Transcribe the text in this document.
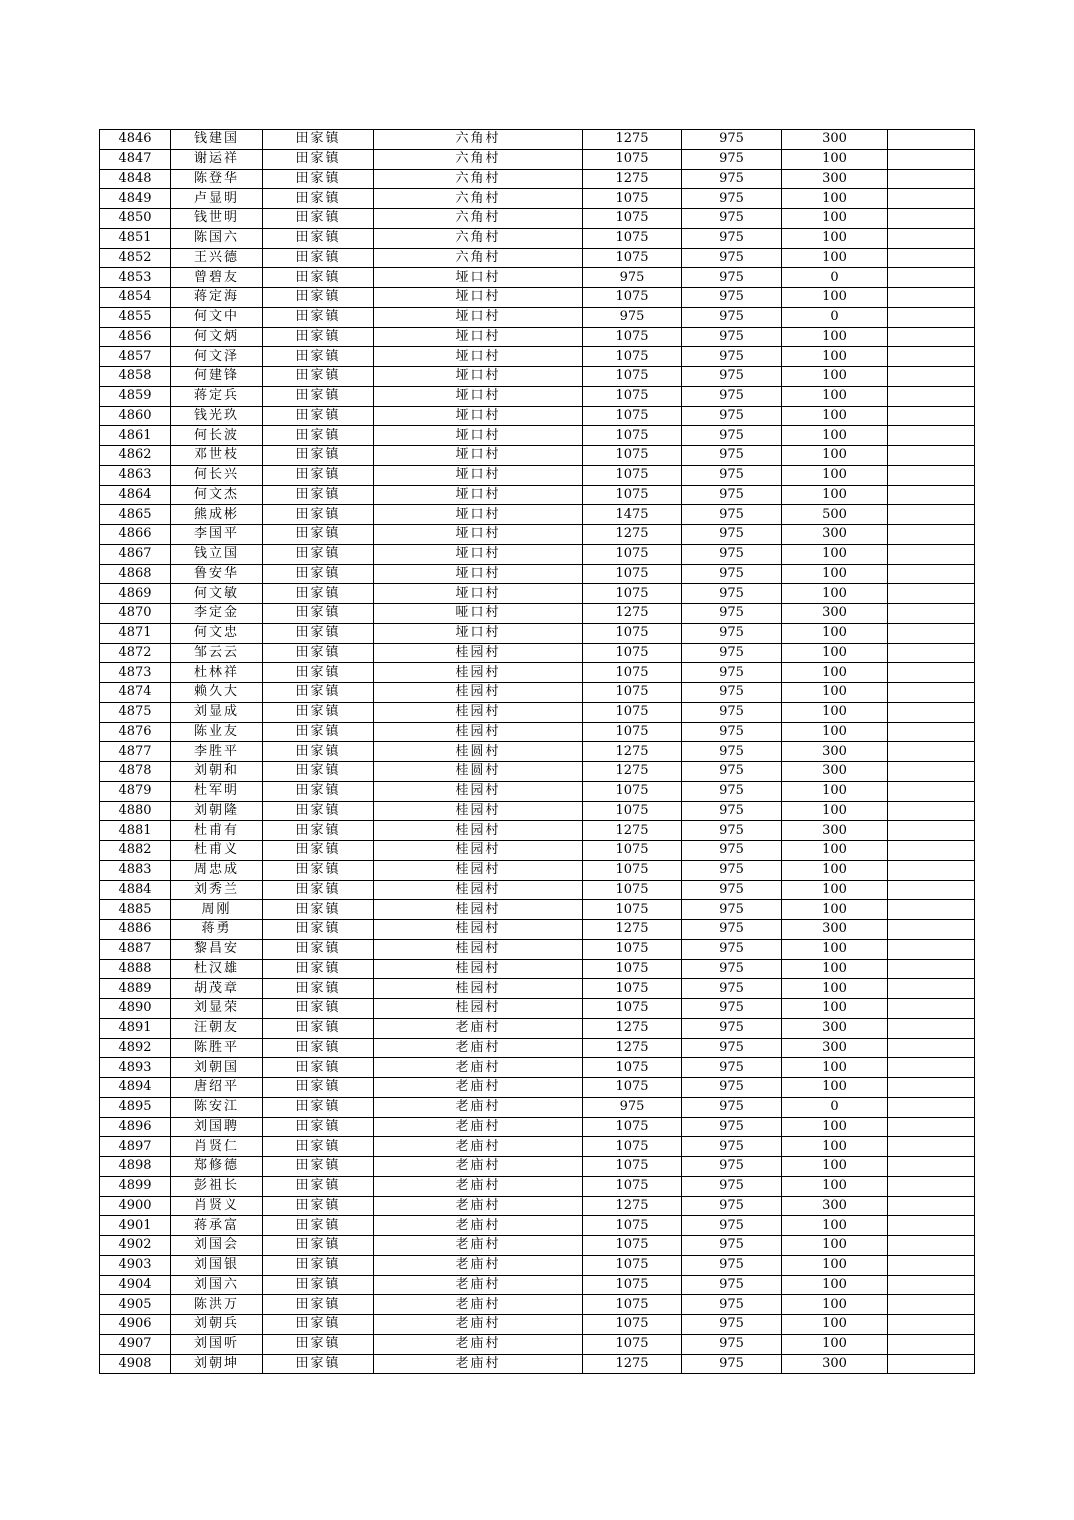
4846	钱建国	田家镇	六角村	1275	975	300	
4847	谢运祥	田家镇	六角村	1075	975	100	
4848	陈登华	田家镇	六角村	1275	975	300	
4849	卢显明	田家镇	六角村	1075	975	100	
4850	钱世明	田家镇	六角村	1075	975	100	
4851	陈国六	田家镇	六角村	1075	975	100	
4852	王兴德	田家镇	六角村	1075	975	100	
4853	曾碧友	田家镇	垭口村	975	975	0	
4854	蒋定海	田家镇	垭口村	1075	975	100	
4855	何文中	田家镇	垭口村	975	975	0	
4856	何文炳	田家镇	垭口村	1075	975	100	
4857	何文泽	田家镇	垭口村	1075	975	100	
4858	何建锋	田家镇	垭口村	1075	975	100	
4859	蒋定兵	田家镇	垭口村	1075	975	100	
4860	钱光玖	田家镇	垭口村	1075	975	100	
4861	何长波	田家镇	垭口村	1075	975	100	
4862	邓世枝	田家镇	垭口村	1075	975	100	
4863	何长兴	田家镇	垭口村	1075	975	100	
4864	何文杰	田家镇	垭口村	1075	975	100	
4865	熊成彬	田家镇	垭口村	1475	975	500	
4866	李国平	田家镇	垭口村	1275	975	300	
4867	钱立国	田家镇	垭口村	1075	975	100	
4868	鲁安华	田家镇	垭口村	1075	975	100	
4869	何文敏	田家镇	垭口村	1075	975	100	
4870	李定金	田家镇	哑口村	1275	975	300	
4871	何文忠	田家镇	垭口村	1075	975	100	
4872	邹云云	田家镇	桂园村	1075	975	100	
4873	杜林祥	田家镇	桂园村	1075	975	100	
4874	赖久大	田家镇	桂园村	1075	975	100	
4875	刘显成	田家镇	桂园村	1075	975	100	
4876	陈业友	田家镇	桂园村	1075	975	100	
4877	李胜平	田家镇	桂圆村	1275	975	300	
4878	刘朝和	田家镇	桂圆村	1275	975	300	
4879	杜军明	田家镇	桂园村	1075	975	100	
4880	刘朝隆	田家镇	桂园村	1075	975	100	
4881	杜甫有	田家镇	桂园村	1275	975	300	
4882	杜甫义	田家镇	桂园村	1075	975	100	
4883	周忠成	田家镇	桂园村	1075	975	100	
4884	刘秀兰	田家镇	桂园村	1075	975	100	
4885	周刚	田家镇	桂园村	1075	975	100	
4886	蒋勇	田家镇	桂园村	1275	975	300	
4887	黎昌安	田家镇	桂园村	1075	975	100	
4888	杜汉雄	田家镇	桂园村	1075	975	100	
4889	胡茂章	田家镇	桂园村	1075	975	100	
4890	刘显荣	田家镇	桂园村	1075	975	100	
4891	汪朝友	田家镇	老庙村	1275	975	300	
4892	陈胜平	田家镇	老庙村	1275	975	300	
4893	刘朝国	田家镇	老庙村	1075	975	100	
4894	唐绍平	田家镇	老庙村	1075	975	100	
4895	陈安江	田家镇	老庙村	975	975	0	
4896	刘国聘	田家镇	老庙村	1075	975	100	
4897	肖贤仁	田家镇	老庙村	1075	975	100	
4898	郑修德	田家镇	老庙村	1075	975	100	
4899	彭祖长	田家镇	老庙村	1075	975	100	
4900	肖贤义	田家镇	老庙村	1275	975	300	
4901	蒋承富	田家镇	老庙村	1075	975	100	
4902	刘国会	田家镇	老庙村	1075	975	100	
4903	刘国银	田家镇	老庙村	1075	975	100	
4904	刘国六	田家镇	老庙村	1075	975	100	
4905	陈洪万	田家镇	老庙村	1075	975	100	
4906	刘朝兵	田家镇	老庙村	1075	975	100	
4907	刘国听	田家镇	老庙村	1075	975	100	
4908	刘朝坤	田家镇	老庙村	1275	975	300	
